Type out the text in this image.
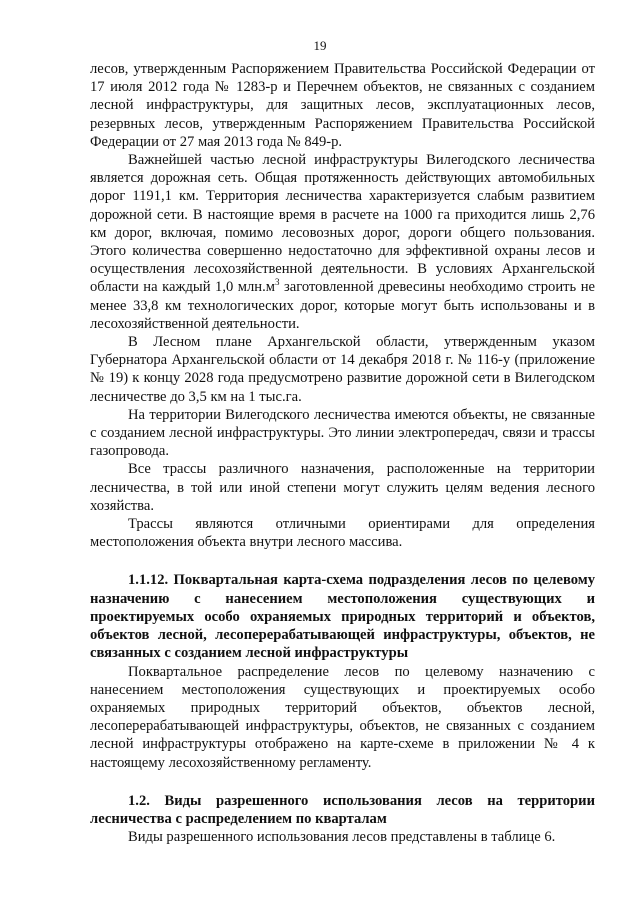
19

лесов, утвержденным Распоряжением Правительства Российской Федерации от 17 июля 2012 года № 1283-р и Перечнем объектов, не связанных с созданием лесной инфраструктуры, для защитных лесов, эксплуатационных лесов, резервных лесов, утвержденным Распоряжением Правительства Российской Федерации от 27 мая 2013 года № 849-р.

Важнейшей частью лесной инфраструктуры Вилегодского лесничества является дорожная сеть. Общая протяженность действующих автомобильных дорог 1191,1 км. Территория лесничества характеризуется слабым развитием дорожной сети. В настоящие время в расчете на 1000 га приходится лишь 2,76 км дорог, включая, помимо лесовозных дорог, дороги общего пользования. Этого количества совершенно недостаточно для эффективной охраны лесов и осуществления лесохозяйственной деятельности. В условиях Архангельской области на каждый 1,0 $млн.м^3$ заготовленной древесины необходимо строить не менее 33,8 км технологических дорог, которые могут быть использованы и в лесохозяйственной деятельности.

В Лесном плане Архангельской области, утвержденным указом Губернатора Архангельской области от 14 декабря 2018 г. № 116-у (приложение № 19) к концу 2028 года предусмотрено развитие дорожной сети в Вилегодском лесничестве до 3,5 км на 1 тыс.га.

На территории Вилегодского лесничества имеются объекты, не связанные с созданием лесной инфраструктуры. Это линии электропередач, связи и трассы газопровода.

Все трассы различного назначения, расположенные на территории лесничества, в той или иной степени могут служить целям ведения лесного хозяйства.

Трассы являются отличными ориентирами для определения местоположения объекта внутри лесного массива.

1.1.12. Поквартальная карта-схема подразделения лесов по целевому назначению с нанесением местоположения существующих и проектируемых особо охраняемых природных территорий и объектов, объектов лесной, лесоперерабатывающей инфраструктуры, объектов, не связанных с созданием лесной инфраструктуры

Поквартальное распределение лесов по целевому назначению с нанесением местоположения существующих и проектируемых особо охраняемых природных территорий объектов, объектов лесной, лесоперерабатывающей инфраструктуры, объектов, не связанных с созданием лесной инфраструктуры отображено на карте-схеме в приложении № 4 к настоящему лесохозяйственному регламенту.

1.2. Виды разрешенного использования лесов на территории лесничества с распределением по кварталам

Виды разрешенного использования лесов представлены в таблице 6.
